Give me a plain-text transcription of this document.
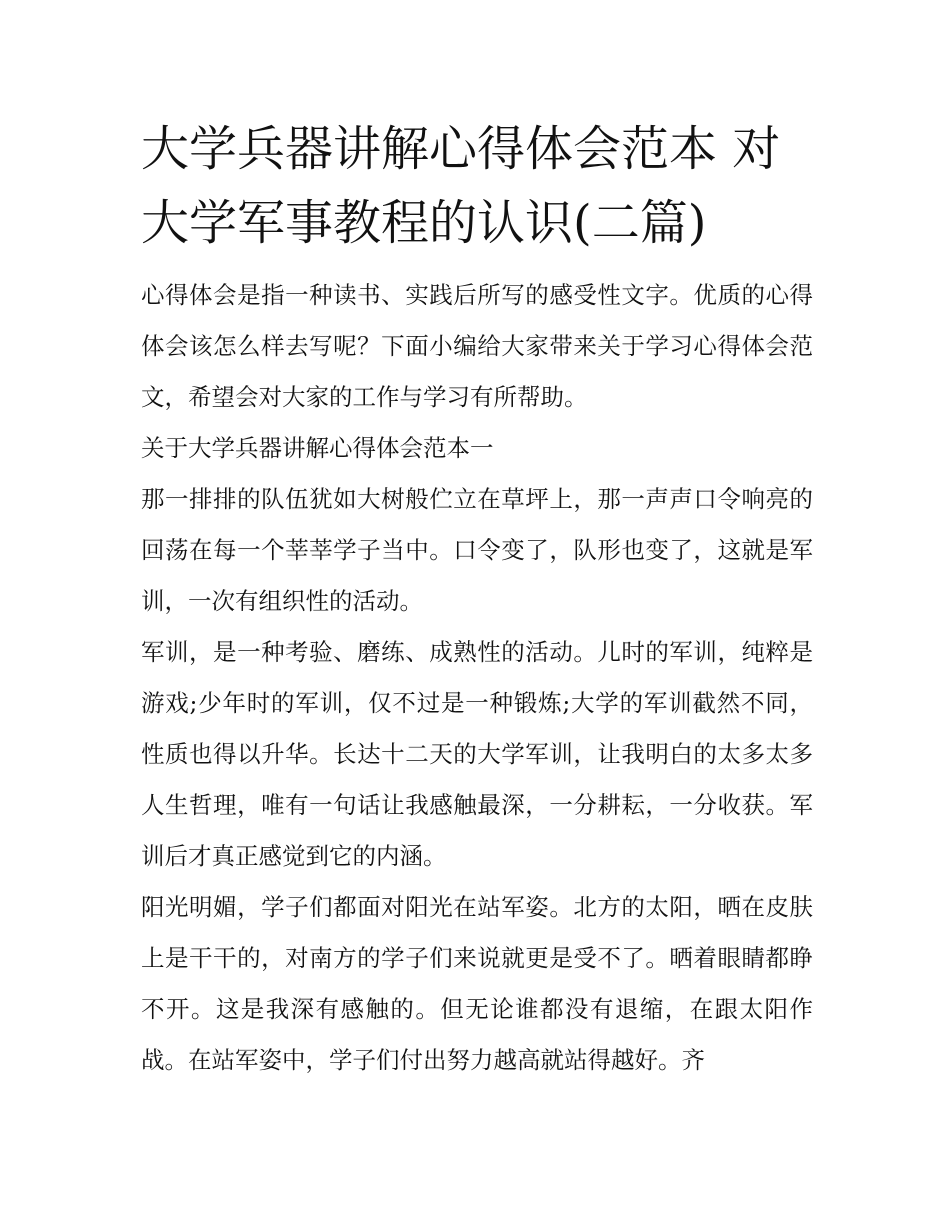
大学兵器讲解心得体会范本 对大学军事教程的认识(二篇)

心得体会是指一种读书、实践后所写的感受性文字。优质的心得体会该怎么样去写呢？下面小编给大家带来关于学习心得体会范文，希望会对大家的工作与学习有所帮助。

关于大学兵器讲解心得体会范本一

那一排排的队伍犹如大树般伫立在草坪上，那一声声口令响亮的回荡在每一个莘莘学子当中。口令变了，队形也变了，这就是军训，一次有组织性的活动。

军训，是一种考验、磨练、成熟性的活动。儿时的军训，纯粹是游戏;少年时的军训，仅不过是一种锻炼;大学的军训截然不同，性质也得以升华。长达十二天的大学军训，让我明白的太多太多人生哲理，唯有一句话让我感触最深，一分耕耘，一分收获。军训后才真正感觉到它的内涵。

阳光明媚，学子们都面对阳光在站军姿。北方的太阳，晒在皮肤上是干干的，对南方的学子们来说就更是受不了。晒着眼睛都睁不开。这是我深有感触的。但无论谁都没有退缩，在跟太阳作战。在站军姿中，学子们付出努力越高就站得越好。齐
